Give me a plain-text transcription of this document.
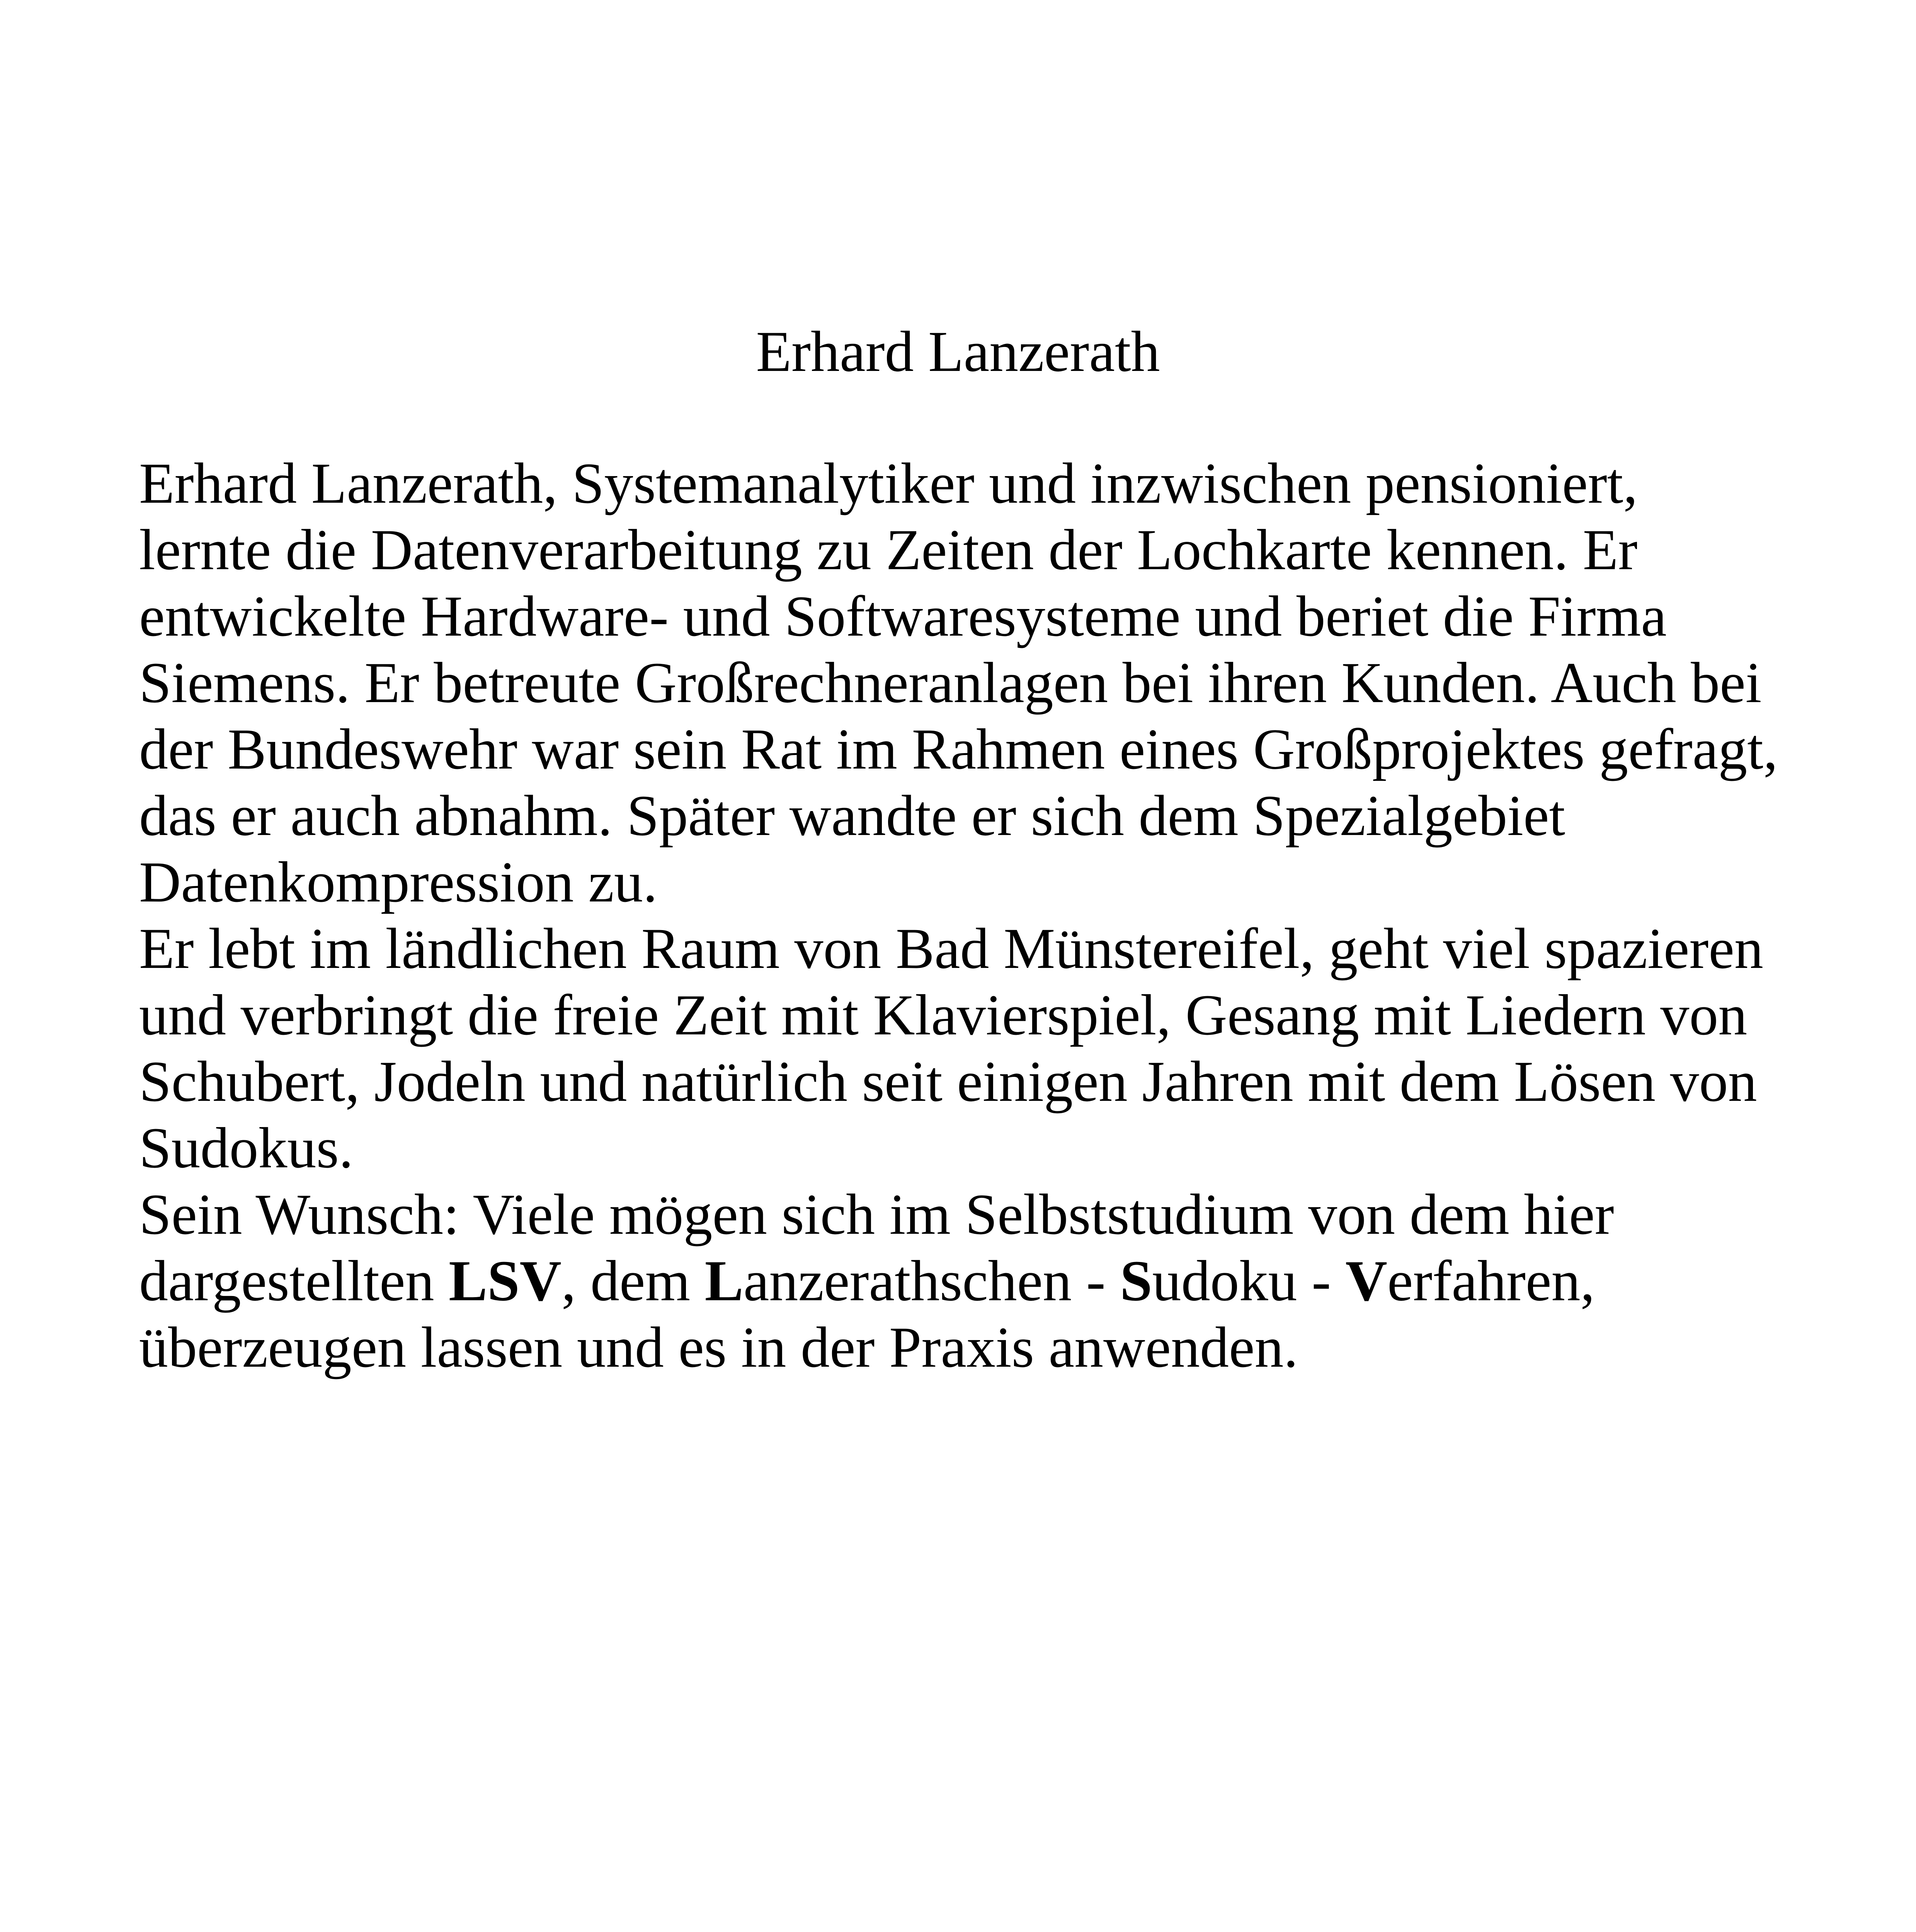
Erhard Lanzerath
Erhard Lanzerath, Systemanalytiker und inzwischen pensioniert,
lernte die Datenverarbeitung zu Zeiten der Lochkarte kennen. Er
entwickelte Hardware- und Softwaresysteme und beriet die Firma
Siemens. Er betreute Großrechneranlagen bei ihren Kunden. Auch bei
der Bundeswehr war sein Rat im Rahmen eines Großprojektes gefragt,
das er auch abnahm. Später wandte er sich dem Spezialgebiet
Datenkompression zu.
Er lebt im ländlichen Raum von Bad Münstereifel, geht viel spazieren
und verbringt die freie Zeit mit Klavierspiel, Gesang mit Liedern von
Schubert, Jodeln und natürlich seit einigen Jahren mit dem Lösen von
Sudokus.
Sein Wunsch: Viele mögen sich im Selbststudium von dem hier
dargestellten LSV, dem Lanzerathschen - Sudoku - Verfahren,
überzeugen lassen und es in der Praxis anwenden.
